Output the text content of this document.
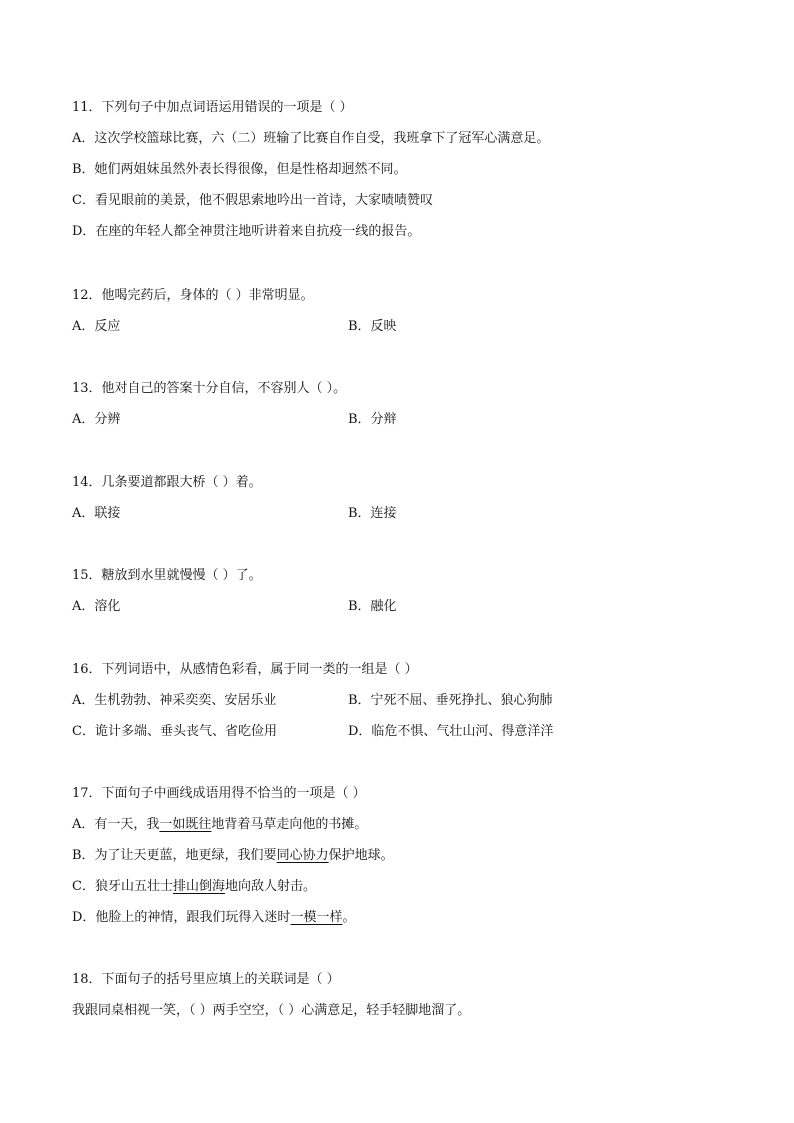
11．下列句子中加点词语运用错误的一项是（ ）
A．这次学校篮球比赛，六（二）班输了比赛自作自受，我班拿下了冠军心满意足。
B．她们两姐妹虽然外表长得很像，但是性格却迥然不同。
C．看见眼前的美景，他不假思索地吟出一首诗，大家啧啧赞叹
D．在座的年轻人都全神贯注地听讲着来自抗疫一线的报告。
12．他喝完药后，身体的（ ）非常明显。
A．反应	B．反映
13．他对自己的答案十分自信，不容别人（ ）。
A．分辨	B．分辩
14．几条要道都跟大桥（ ）着。
A．联接	B．连接
15．糖放到水里就慢慢（ ）了。
A．溶化	B．融化
16．下列词语中，从感情色彩看，属于同一类的一组是（ ）
A．生机勃勃、神采奕奕、安居乐业	B．宁死不屈、垂死挣扎、狼心狗肺
C．诡计多端、垂头丧气、省吃俭用	D．临危不惧、气壮山河、得意洋洋
17．下面句子中画线成语用得不恰当的一项是（ ）
A．有一天，我一如既往地背着马草走向他的书摊。
B．为了让天更蓝，地更绿，我们要同心协力保护地球。
C．狼牙山五壮士排山倒海地向敌人射击。
D．他脸上的神情，跟我们玩得入迷时一模一样。
18．下面句子的括号里应填上的关联词是（ ）
我跟同桌相视一笑，（ ）两手空空，（ ）心满意足，轻手轻脚地溜了。
